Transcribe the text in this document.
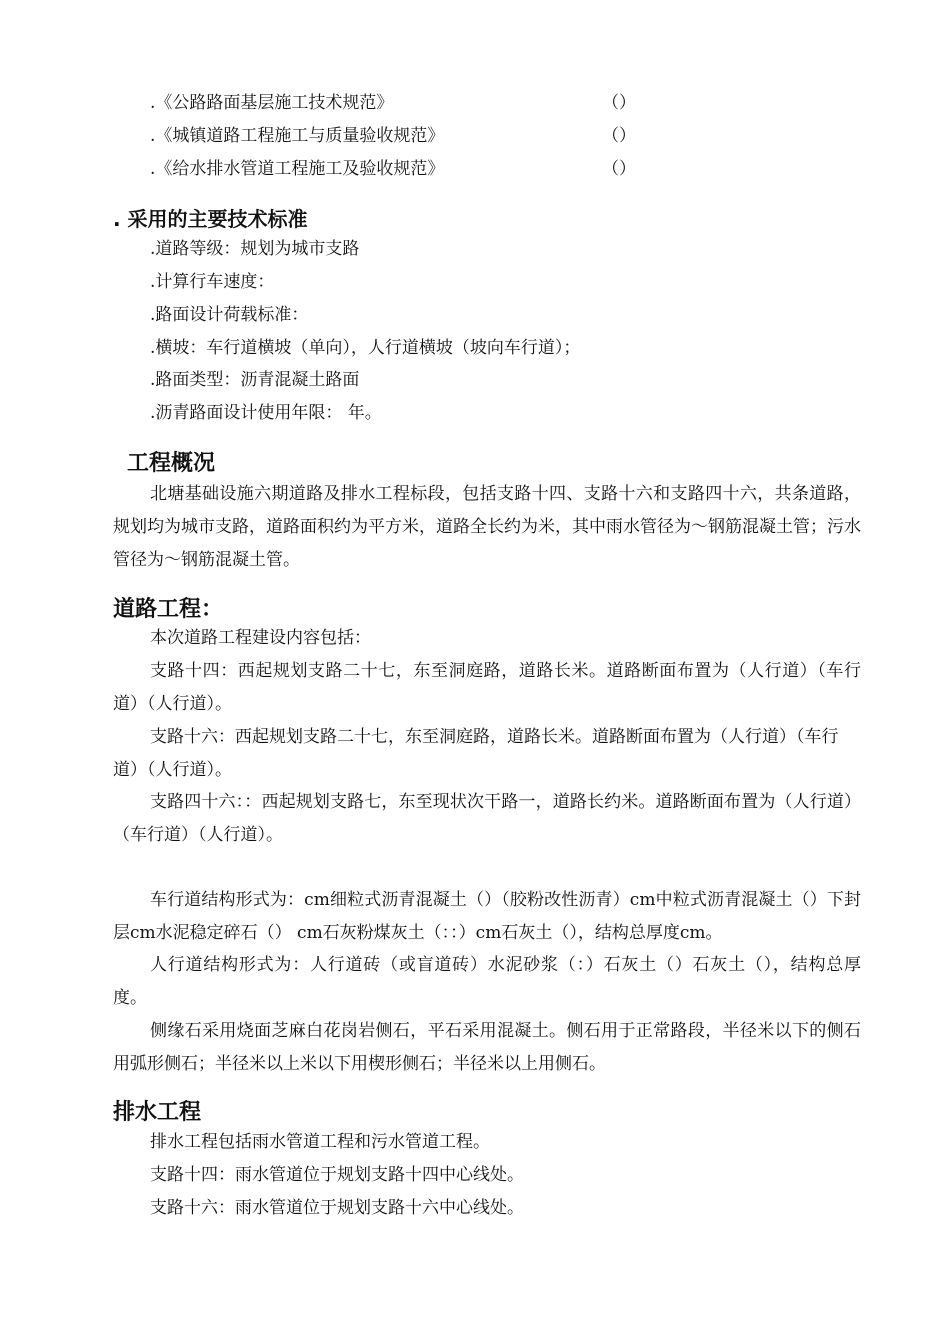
.《公路路面基层施工技术规范》	（）
.《城镇道路工程施工与质量验收规范》	（）
.《给水排水管道工程施工及验收规范》	（）
. 采用的主要技术标准
.道路等级：规划为城市支路
.计算行车速度：
.路面设计荷载标准：
.横坡：车行道横坡（单向），人行道横坡（坡向车行道）；
.路面类型：沥青混凝土路面
.沥青路面设计使用年限： 年。
工程概况
北塘基础设施六期道路及排水工程标段，包括支路十四、支路十六和支路四十六，共条道路，规划均为城市支路，道路面积约为平方米，道路全长约为米，其中雨水管径为～钢筋混凝土管；污水管径为～钢筋混凝土管。
道路工程：
本次道路工程建设内容包括：
支路十四：西起规划支路二十七，东至洞庭路，道路长米。道路断面布置为（人行道）（车行道）（人行道）。
支路十六：西起规划支路二十七，东至洞庭路，道路长米。道路断面布置为（人行道）（车行道）（人行道）。
支路四十六：：西起规划支路七，东至现状次干路一，道路长约米。道路断面布置为（人行道）（车行道）（人行道）。
车行道结构形式为：cm细粒式沥青混凝土（）（胶粉改性沥青）cm中粒式沥青混凝土（）下封层cm水泥稳定碎石（） cm石灰粉煤灰土（：：）cm石灰土（），结构总厚度cm。
人行道结构形式为：人行道砖（或盲道砖）水泥砂浆（：）石灰土（）石灰土（），结构总厚度。
侧缘石采用烧面芝麻白花岗岩侧石，平石采用混凝土。侧石用于正常路段，半径米以下的侧石用弧形侧石；半径米以上米以下用楔形侧石；半径米以上用侧石。
排水工程
排水工程包括雨水管道工程和污水管道工程。
支路十四：雨水管道位于规划支路十四中心线处。
支路十六：雨水管道位于规划支路十六中心线处。
